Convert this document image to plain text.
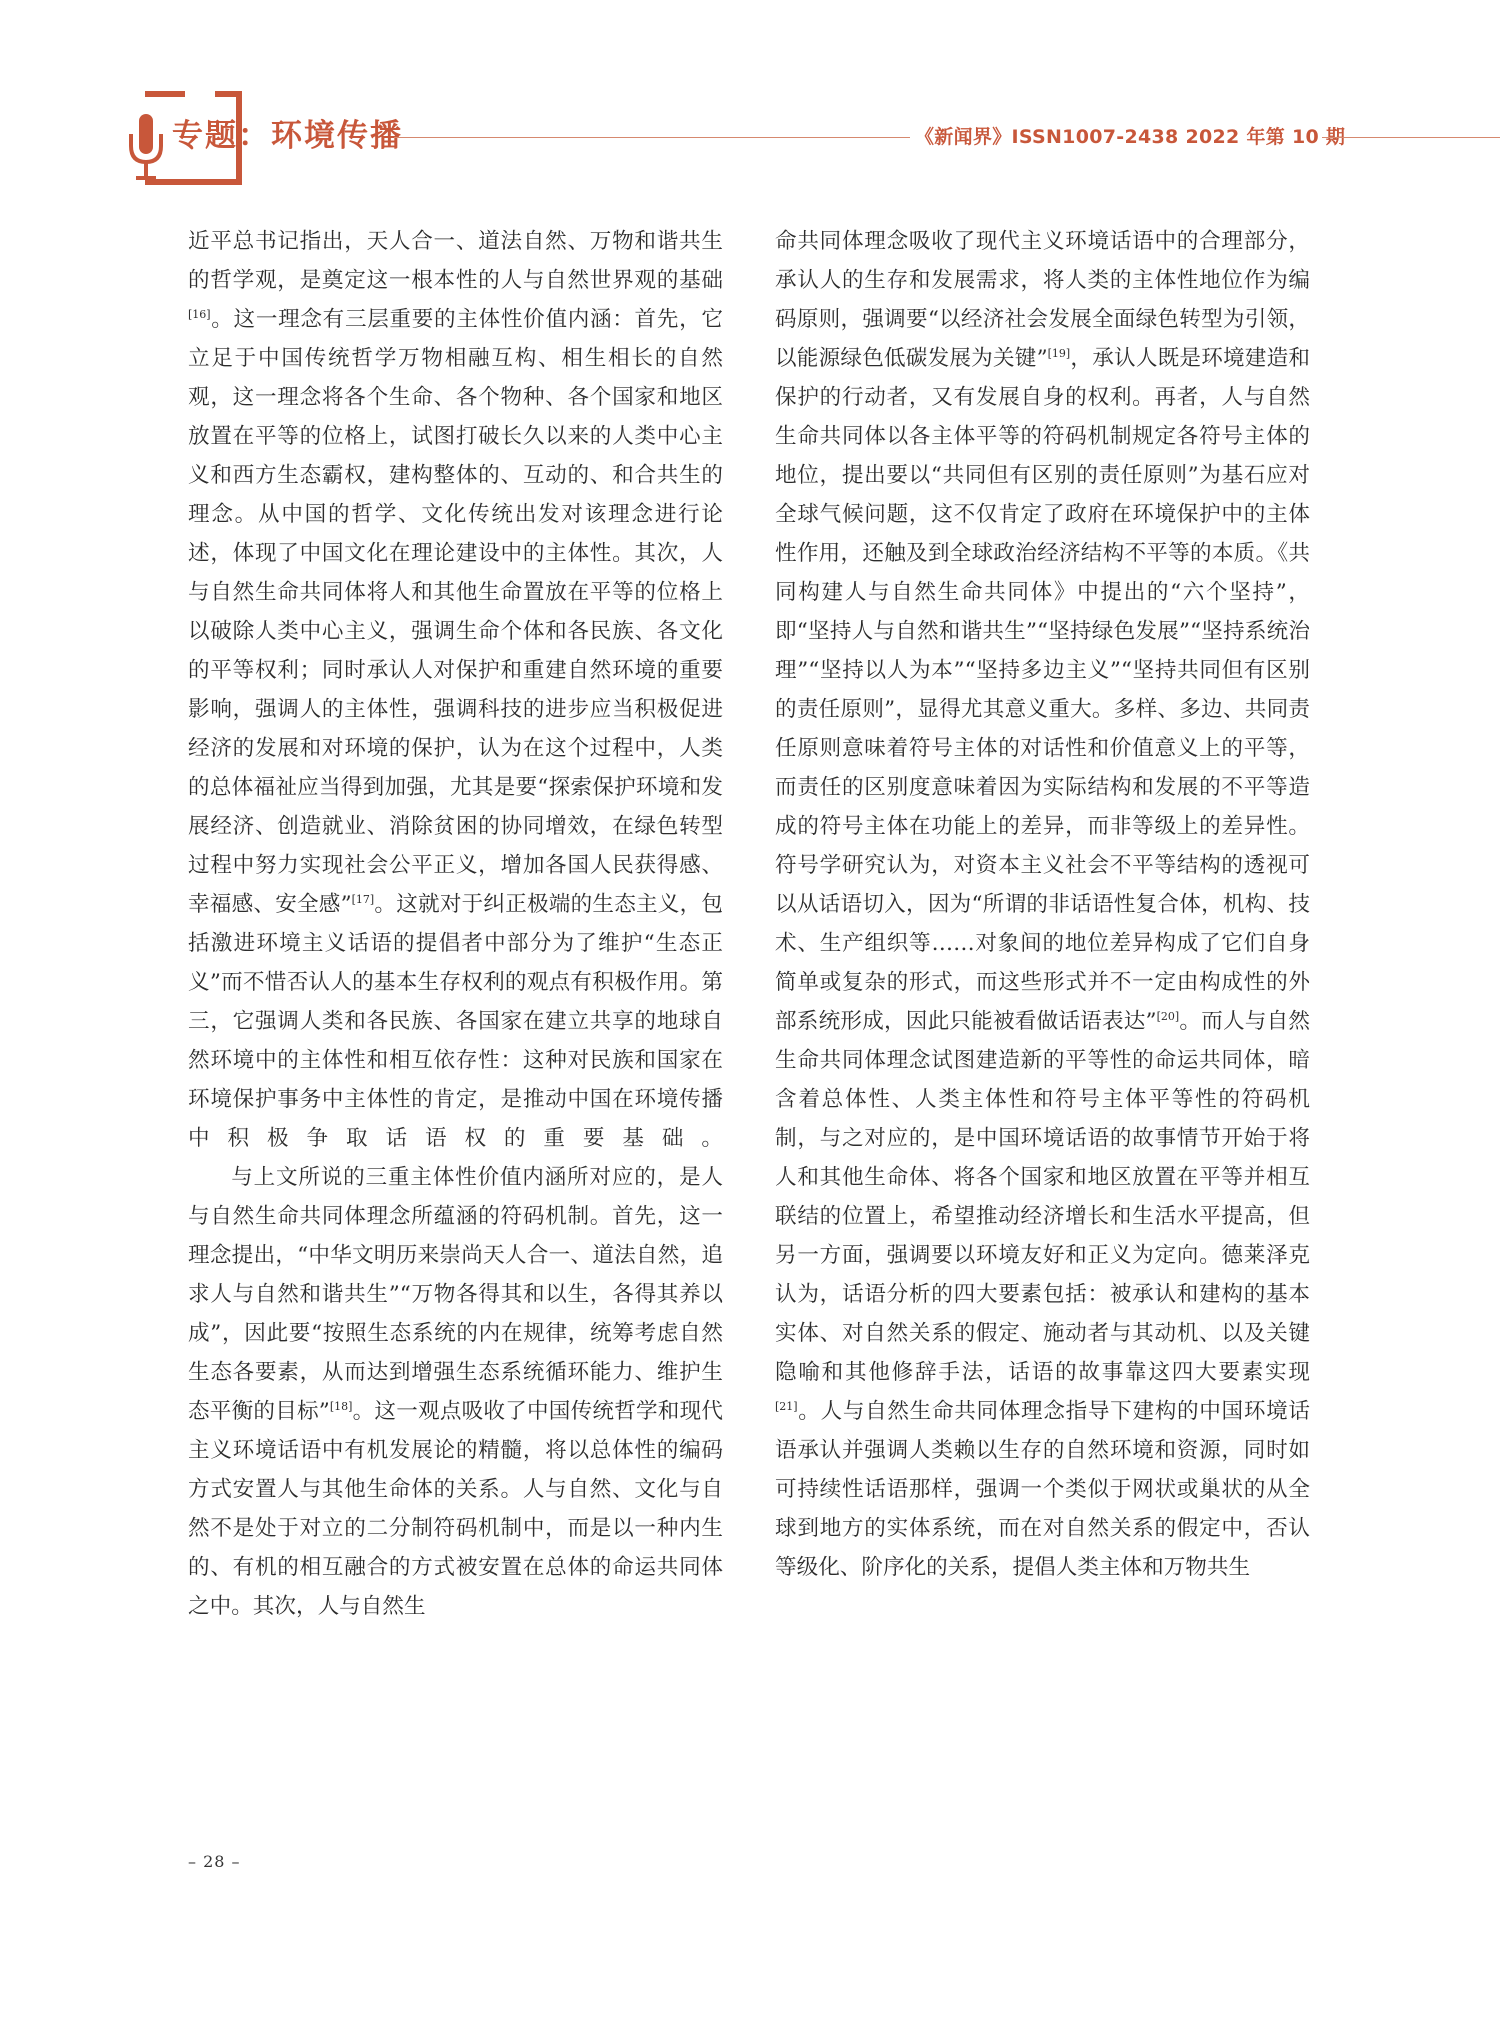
专题：环境传播	《新闻界》ISSN1007-2438 2022 年第 10 期

近平总书记指出，天人合一、道法自然、万物和谐共生的哲学观，是奠定这一根本性的人与自然世界观的基础[16]。这一理念有三层重要的主体性价值内涵：首先，它立足于中国传统哲学万物相融互构、相生相长的自然观，这一理念将各个生命、各个物种、各个国家和地区放置在平等的位格上，试图打破长久以来的人类中心主义和西方生态霸权，建构整体的、互动的、和合共生的理念。从中国的哲学、文化传统出发对该理念进行论述，体现了中国文化在理论建设中的主体性。其次，人与自然生命共同体将人和其他生命置放在平等的位格上以破除人类中心主义，强调生命个体和各民族、各文化的平等权利；同时承认人对保护和重建自然环境的重要影响，强调人的主体性，强调科技的进步应当积极促进经济的发展和对环境的保护，认为在这个过程中，人类的总体福祉应当得到加强，尤其是要“探索保护环境和发展经济、创造就业、消除贫困的协同增效，在绿色转型过程中努力实现社会公平正义，增加各国人民获得感、幸福感、安全感”[17]。这就对于纠正极端的生态主义，包括激进环境主义话语的提倡者中部分为了维护“生态正义”而不惜否认人的基本生存权利的观点有积极作用。第三，它强调人类和各民族、各国家在建立共享的地球自然环境中的主体性和相互依存性：这种对民族和国家在环境保护事务中主体性的肯定，是推动中国在环境传播中积极争取话语权的重要基础。

与上文所说的三重主体性价值内涵所对应的，是人与自然生命共同体理念所蕴涵的符码机制。首先，这一理念提出，“中华文明历来崇尚天人合一、道法自然，追求人与自然和谐共生”“万物各得其和以生，各得其养以成”，因此要“按照生态系统的内在规律，统筹考虑自然生态各要素，从而达到增强生态系统循环能力、维护生态平衡的目标”[18]。这一观点吸收了中国传统哲学和现代主义环境话语中有机发展论的精髓，将以总体性的编码方式安置人与其他生命体的关系。人与自然、文化与自然不是处于对立的二分制符码机制中，而是以一种内生的、有机的相互融合的方式被安置在总体的命运共同体之中。其次，人与自然生

命共同体理念吸收了现代主义环境话语中的合理部分，承认人的生存和发展需求，将人类的主体性地位作为编码原则，强调要“以经济社会发展全面绿色转型为引领，以能源绿色低碳发展为关键”[19]，承认人既是环境建造和保护的行动者，又有发展自身的权利。再者，人与自然生命共同体以各主体平等的符码机制规定各符号主体的地位，提出要以“共同但有区别的责任原则”为基石应对全球气候问题，这不仅肯定了政府在环境保护中的主体性作用，还触及到全球政治经济结构不平等的本质。《共同构建人与自然生命共同体》中提出的“六个坚持”，即“坚持人与自然和谐共生”“坚持绿色发展”“坚持系统治理”“坚持以人为本”“坚持多边主义”“坚持共同但有区别的责任原则”，显得尤其意义重大。多样、多边、共同责任原则意味着符号主体的对话性和价值意义上的平等，而责任的区别度意味着因为实际结构和发展的不平等造成的符号主体在功能上的差异，而非等级上的差异性。符号学研究认为，对资本主义社会不平等结构的透视可以从话语切入，因为“所谓的非话语性复合体，机构、技术、生产组织等……对象间的地位差异构成了它们自身简单或复杂的形式，而这些形式并不一定由构成性的外部系统形成，因此只能被看做话语表达”[20]。而人与自然生命共同体理念试图建造新的平等性的命运共同体，暗含着总体性、人类主体性和符号主体平等性的符码机制，与之对应的，是中国环境话语的故事情节开始于将人和其他生命体、将各个国家和地区放置在平等并相互联结的位置上，希望推动经济增长和生活水平提高，但另一方面，强调要以环境友好和正义为定向。德莱泽克认为，话语分析的四大要素包括：被承认和建构的基本实体、对自然关系的假定、施动者与其动机、以及关键隐喻和其他修辞手法，话语的故事靠这四大要素实现[21]。人与自然生命共同体理念指导下建构的中国环境话语承认并强调人类赖以生存的自然环境和资源，同时如可持续性话语那样，强调一个类似于网状或巢状的从全球到地方的实体系统，而在对自然关系的假定中，否认等级化、阶序化的关系，提倡人类主体和万物共生

– 28 –
